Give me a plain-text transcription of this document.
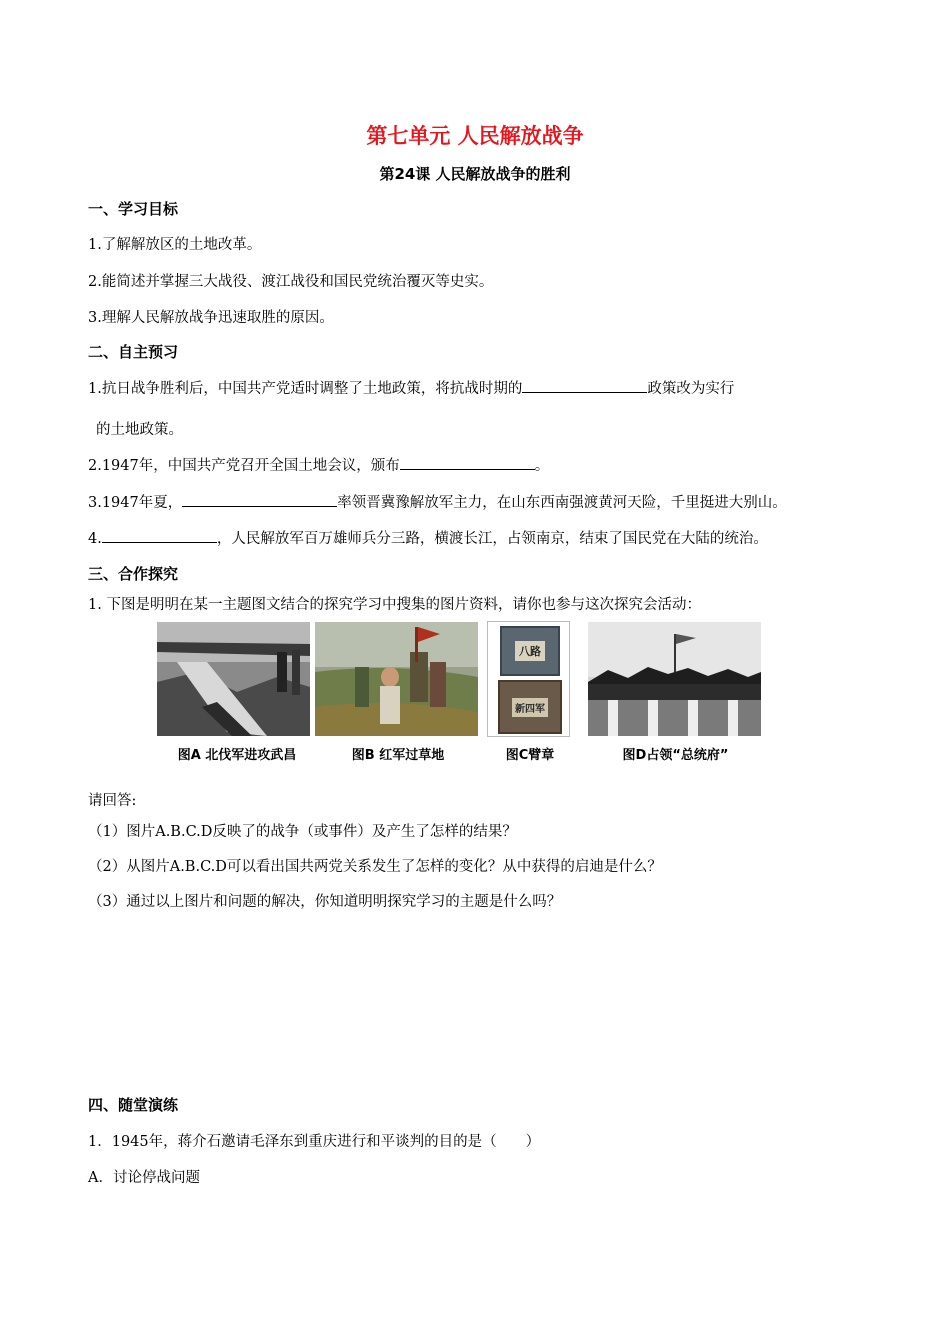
第七单元 人民解放战争
第24课 人民解放战争的胜利
一、学习目标
1.了解解放区的土地改革。
2.能简述并掌握三大战役、渡江战役和国民党统治覆灭等史实。
3.理解人民解放战争迅速取胜的原因。
二、自主预习
1.抗日战争胜利后，中国共产党适时调整了土地政策，将抗战时期的	政策改为实行
的土地政策。
2.1947年，中国共产党召开全国土地会议，颁布	。
3.1947年夏，	率领晋冀豫解放军主力，在山东西南强渡黄河天险，千里挺进大别山。
4.	，人民解放军百万雄师兵分三路，横渡长江，占领南京，结束了国民党在大陆的统治。
三、合作探究
1. 下图是明明在某一主题图文结合的探究学习中搜集的图片资料，请你也参与这次探究会活动：
八路
新四军
图A 北伐军进攻武昌	图B 红军过草地	图C臂章	图D占领“总统府”
请回答:
（1）图片A.B.C.D反映了的战争（或事件）及产生了怎样的结果？
（2）从图片A.B.C.D可以看出国共两党关系发生了怎样的变化？从中获得的启迪是什么？
（3）通过以上图片和问题的解决，你知道明明探究学习的主题是什么吗？
四、随堂演练
1．1945年，蒋介石邀请毛泽东到重庆进行和平谈判的目的是（　　）
A．讨论停战问题
